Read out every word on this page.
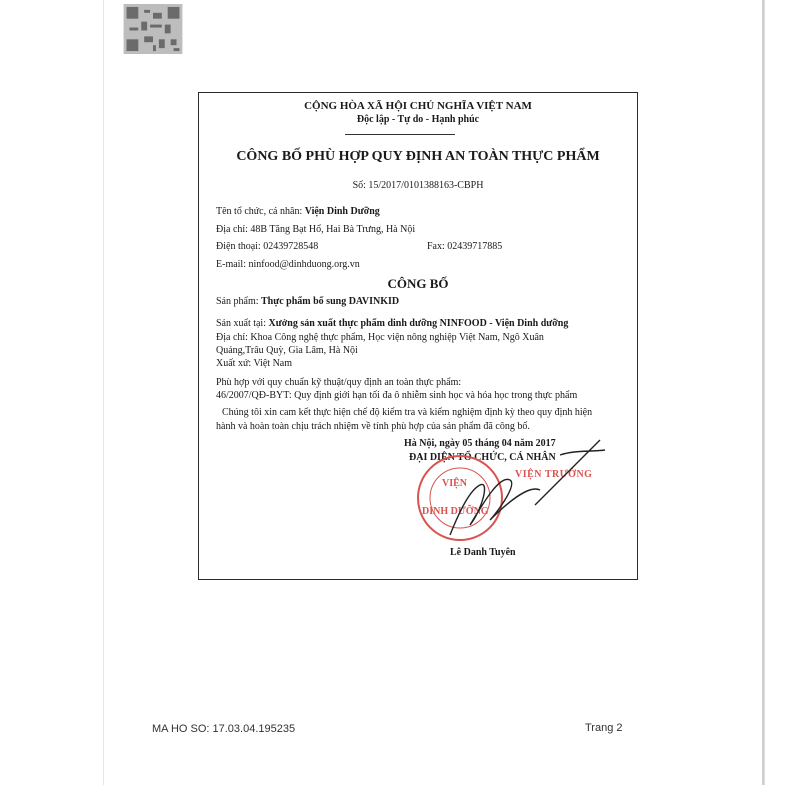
CỘNG HÒA XÃ HỘI CHỦ NGHĨA VIỆT NAM
Độc lập - Tự do - Hạnh phúc
CÔNG BỐ PHÙ HỢP QUY ĐỊNH AN TOÀN THỰC PHẨM
Số: 15/2017/0101388163-CBPH
Tên tổ chức, cá nhân: Viện Dinh Dưỡng
Địa chỉ: 48B Tăng Bạt Hổ, Hai Bà Trưng, Hà Nội
Điện thoại: 02439728548	Fax: 02439717885
E-mail: ninfood@dinhduong.org.vn
CÔNG BỐ
Sản phẩm: Thực phẩm bổ sung DAVINKID
Sản xuất tại: Xưởng sản xuất thực phẩm dinh dưỡng NINFOOD - Viện Dinh dưỡng
Địa chỉ: Khoa Công nghệ thực phẩm, Học viện nông nghiệp Việt Nam, Ngô Xuân
Quảng,Trâu Quỳ, Gia Lâm, Hà Nội
Xuất xứ: Việt Nam
Phù hợp với quy chuẩn kỹ thuật/quy định an toàn thực phẩm:
46/2007/QĐ-BYT: Quy định giới hạn tối đa ô nhiễm sinh học và hóa học trong thực phẩm
Chúng tôi xin cam kết thực hiện chế độ kiểm tra và kiểm nghiệm định kỳ theo quy định hiện
hành và hoàn toàn chịu trách nhiệm về tính phù hợp của sản phẩm đã công bố.
Hà Nội, ngày 05 tháng 04 năm 2017
ĐẠI DIỆN TỔ CHỨC, CÁ NHÂN
VIỆN TRƯỞNG
VIỆN
DINH DƯỠNG
Lê Danh Tuyên
MA HO SO: 17.03.04.195235	Trang 2
